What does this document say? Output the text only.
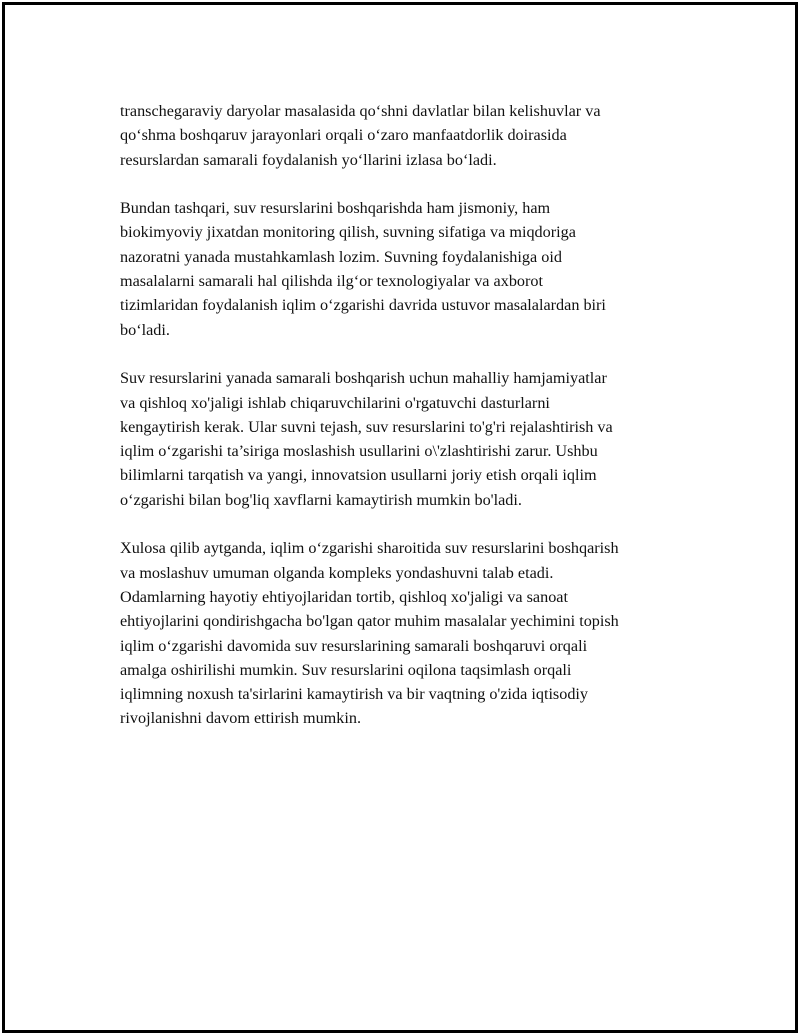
transchegaraviy daryolar masalasida qo‘shni davlatlar bilan kelishuvlar va
qo‘shma boshqaruv jarayonlari orqali o‘zaro manfaatdorlik doirasida
resurslardan samarali foydalanish yo‘llarini izlasa bo‘ladi.

Bundan tashqari, suv resurslarini boshqarishda ham jismoniy, ham
biokimyoviy jixatdan monitoring qilish, suvning sifatiga va miqdoriga
nazoratni yanada mustahkamlash lozim. Suvning foydalanishiga oid
masalalarni samarali hal qilishda ilg‘or texnologiyalar va axborot
tizimlaridan foydalanish iqlim o‘zgarishi davrida ustuvor masalalardan biri
bo‘ladi.

Suv resurslarini yanada samarali boshqarish uchun mahalliy hamjamiyatlar
va qishloq xo'jaligi ishlab chiqaruvchilarini o'rgatuvchi dasturlarni
kengaytirish kerak. Ular suvni tejash, suv resurslarini to'g'ri rejalashtirish va
iqlim o‘zgarishi ta’siriga moslashish usullarini o\'zlashtirishi zarur. Ushbu
bilimlarni tarqatish va yangi, innovatsion usullarni joriy etish orqali iqlim
o‘zgarishi bilan bog'liq xavflarni kamaytirish mumkin bo'ladi.

Xulosa qilib aytganda, iqlim o‘zgarishi sharoitida suv resurslarini boshqarish
va moslashuv umuman olganda kompleks yondashuvni talab etadi.
Odamlarning hayotiy ehtiyojlaridan tortib, qishloq xo'jaligi va sanoat
ehtiyojlarini qondirishgacha bo'lgan qator muhim masalalar yechimini topish
iqlim o‘zgarishi davomida suv resurslarining samarali boshqaruvi orqali
amalga oshirilishi mumkin. Suv resurslarini oqilona taqsimlash orqali
iqlimning noxush ta'sirlarini kamaytirish va bir vaqtning o'zida iqtisodiy
rivojlanishni davom ettirish mumkin.
